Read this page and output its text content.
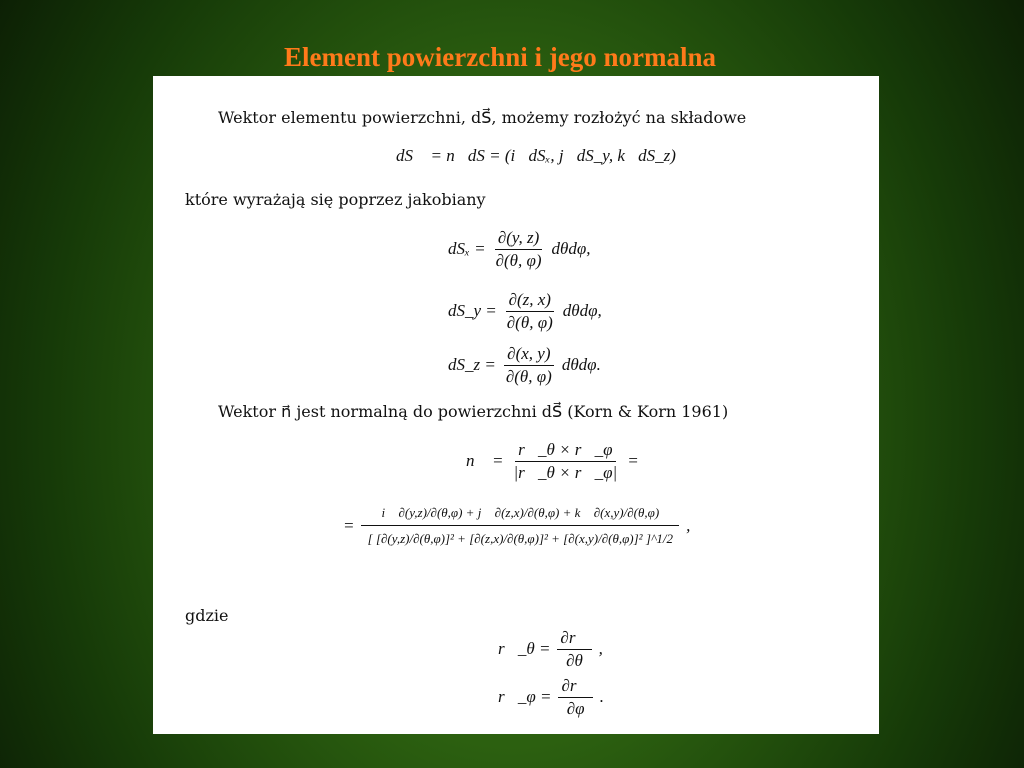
Element powierzchni i jego normalna
Wektor elementu powierzchni, dS⃗, możemy rozłożyć na składowe
dS⃗ = n⃗dS = (i⃗dSₓ, j⃗dS_y, k⃗dS_z)
które wyrażają się poprzez jakobiany
$dS_x = \frac{\partial(y, z)}{\partial(\theta, \varphi)} d\theta d\varphi$,
dS_y = $\frac{\partial(z, x)}{\partial(\theta, \varphi)} d\theta d\varphi$,
dS_z = $\frac{\partial(x, y)}{\partial(\theta, \varphi)} d\theta d\varphi$.
Wektor n⃗ jest normalną do powierzchni dS⃗ (Korn & Korn 1961)
n⃗ = $\frac{r⃗\_\theta \times r⃗\_\varphi}{|r⃗\_\theta \times r⃗\_\varphi|}$ =
=
i⃗ ∂(y,z)/∂(θ,φ) + j⃗ ∂(z,x)/∂(θ,φ) + k⃗ ∂(x,y)/∂(θ,φ)
[ [∂(y,z)/∂(θ,φ)]² + [∂(z,x)/∂(θ,φ)]² + [∂(x,y)/∂(θ,φ)]² ]^1/2
,
gdzie
r⃗_θ = $\frac{\partial r⃗}{\partial\theta}$ ,
r⃗_φ = $\frac{\partial r⃗}{\partial\varphi}$ .
